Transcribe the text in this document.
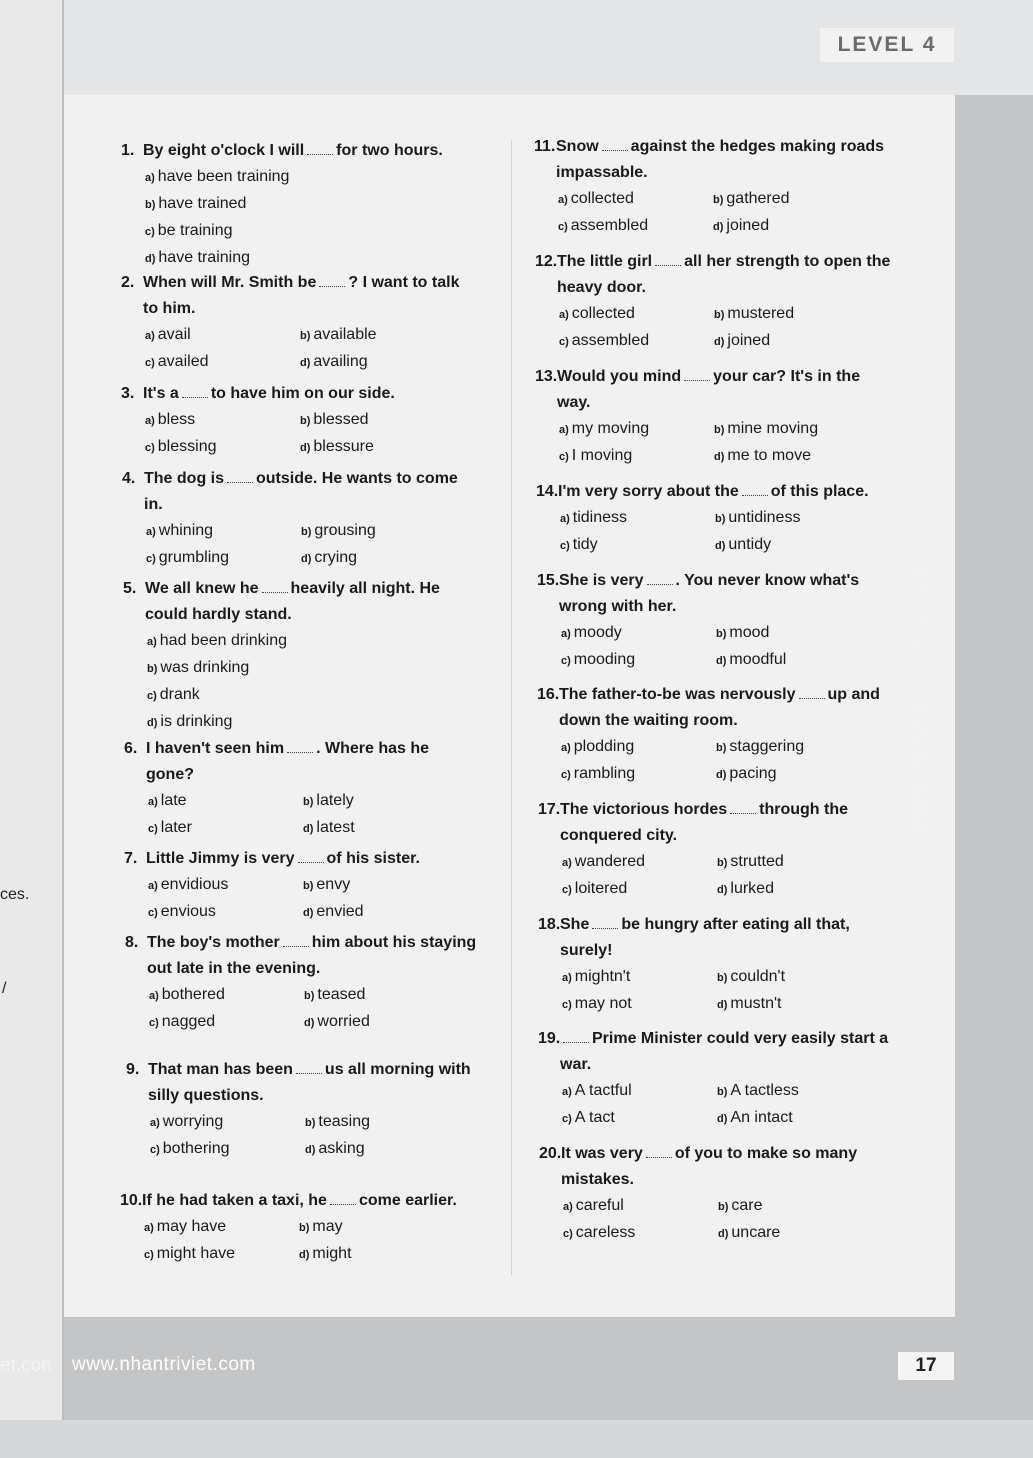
ces.
/
et.con
LEVEL 4
2000 TESTS – Advanced
www.nhantriviet.com	17
1. By eight o'clock I will for two hours.
a) have been training
b) have trained
c) be training
d) have training
2. When will Mr. Smith be ? I want to talk to him.
a) avail	b) available
c) availed	d) availing
3. It's a to have him on our side.
a) bless	b) blessed
c) blessing	d) blessure
4. The dog is outside. He wants to come in.
a) whining	b) grousing
c) grumbling	d) crying
5. We all knew he heavily all night. He could hardly stand.
a) had been drinking
b) was drinking
c) drank
d) is drinking
6. I haven't seen him . Where has he gone?
a) late	b) lately
c) later	d) latest
7. Little Jimmy is very of his sister.
a) envidious	b) envy
c) envious	d) envied
8. The boy's mother him about his staying out late in the evening.
a) bothered	b) teased
c) nagged	d) worried
9. That man has been us all morning with silly questions.
a) worrying	b) teasing
c) bothering	d) asking
10. If he had taken a taxi, he come earlier.
a) may have	b) may
c) might have	d) might
11. Snow against the hedges making roads impassable.
a) collected	b) gathered
c) assembled	d) joined
12. The little girl all her strength to open the heavy door.
a) collected	b) mustered
c) assembled	d) joined
13. Would you mind your car? It's in the way.
a) my moving	b) mine moving
c) I moving	d) me to move
14. I'm very sorry about the of this place.
a) tidiness	b) untidiness
c) tidy	d) untidy
15. She is very . You never know what's wrong with her.
a) moody	b) mood
c) mooding	d) moodful
16. The father-to-be was nervously up and down the waiting room.
a) plodding	b) staggering
c) rambling	d) pacing
17. The victorious hordes through the conquered city.
a) wandered	b) strutted
c) loitered	d) lurked
18. She be hungry after eating all that, surely!
a) mightn't	b) couldn't
c) may not	d) mustn't
19.	Prime Minister could very easily start a war.
a) A tactful	b) A tactless
c) A tact	d) An intact
20. It was very of you to make so many mistakes.
a) careful	b) care
c) careless	d) uncare
